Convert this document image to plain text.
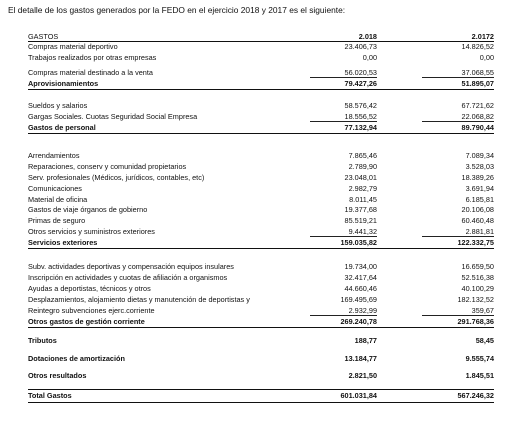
El detalle de los gastos generados por la FEDO en el ejercicio 2018 y 2017 es el siguiente:
GASTOS	2.018	2.0172
Compras material deportivo	23.406,73	14.826,52
Trabajos realizados por otras empresas	0,00	0,00
Compras material destinado a la venta	56.020,53	37.068,55
Aprovisionamientos	79.427,26	51.895,07
Sueldos y salarios	58.576,42	67.721,62
Gargas Sociales. Cuotas Seguridad Social Empresa	18.556,52	22.068,82
Gastos de personal	77.132,94	89.790,44
Arrendamientos	7.865,46	7.089,34
Reparaciones, conserv y comunidad propietarios	2.789,90	3.528,03
Serv. profesionales (Médicos, jurídicos, contables, etc)	23.048,01	18.389,26
Comunicaciones	2.982,79	3.691,94
Material de oficina	8.011,45	6.185,81
Gastos de viaje órganos de gobierno	19.377,68	20.106,08
Primas de seguro	85.519,21	60.460,48
Otros servicios y suministros exteriores	9.441,32	2.881,81
Servicios exteriores	159.035,82	122.332,75
Subv. actividades deportivas y compensación equipos insulares	19.734,00	16.659,50
Inscripción en actividades y cuotas de afiliación a organismos	32.417,64	52.516,38
Ayudas a deportistas, técnicos y otros	44.660,46	40.100,29
Desplazamientos, alojamiento dietas y manutención de deportistas y	169.495,69	182.132,52
Reintegro subvenciones ejerc.corriente	2.932,99	359,67
Otros gastos de gestión corriente	269.240,78	291.768,36
Tributos	188,77	58,45
Dotaciones de amortización	13.184,77	9.555,74
Otros resultados	2.821,50	1.845,51
Total Gastos	601.031,84	567.246,32
